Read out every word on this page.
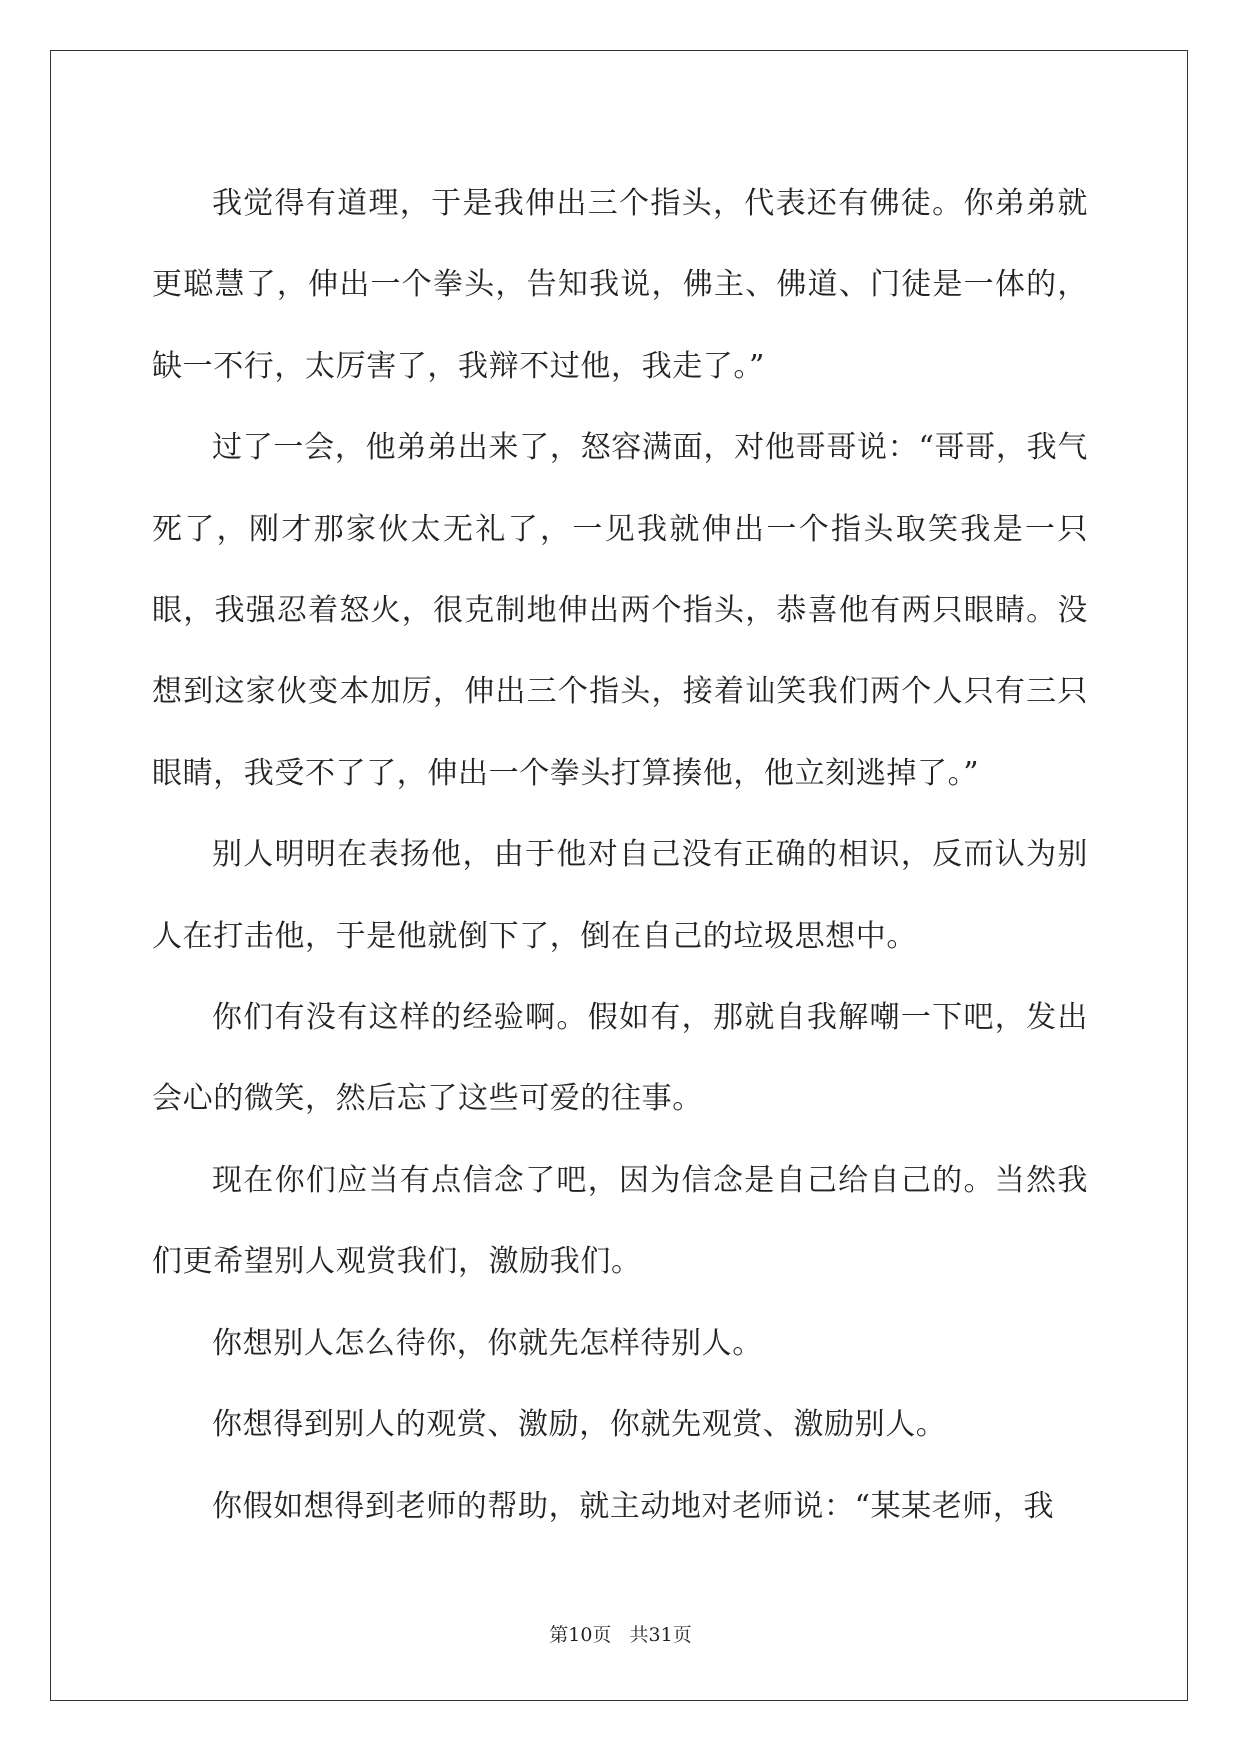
我觉得有道理，于是我伸出三个指头，代表还有佛徒。你弟弟就更聪慧了，伸出一个拳头，告知我说，佛主、佛道、门徒是一体的，缺一不行，太厉害了，我辩不过他，我走了。”

过了一会，他弟弟出来了，怒容满面，对他哥哥说：“哥哥，我气死了，刚才那家伙太无礼了，一见我就伸出一个指头取笑我是一只眼，我强忍着怒火，很克制地伸出两个指头，恭喜他有两只眼睛。没想到这家伙变本加厉，伸出三个指头，接着讪笑我们两个人只有三只眼睛，我受不了了，伸出一个拳头打算揍他，他立刻逃掉了。”

别人明明在表扬他，由于他对自己没有正确的相识，反而认为别人在打击他，于是他就倒下了，倒在自己的垃圾思想中。

你们有没有这样的经验啊。假如有，那就自我解嘲一下吧，发出会心的微笑，然后忘了这些可爱的往事。

现在你们应当有点信念了吧，因为信念是自己给自己的。当然我们更希望别人观赏我们，激励我们。

你想别人怎么待你，你就先怎样待别人。

你想得到别人的观赏、激励，你就先观赏、激励别人。

你假如想得到老师的帮助，就主动地对老师说：“某某老师，我

第10页   共31页
